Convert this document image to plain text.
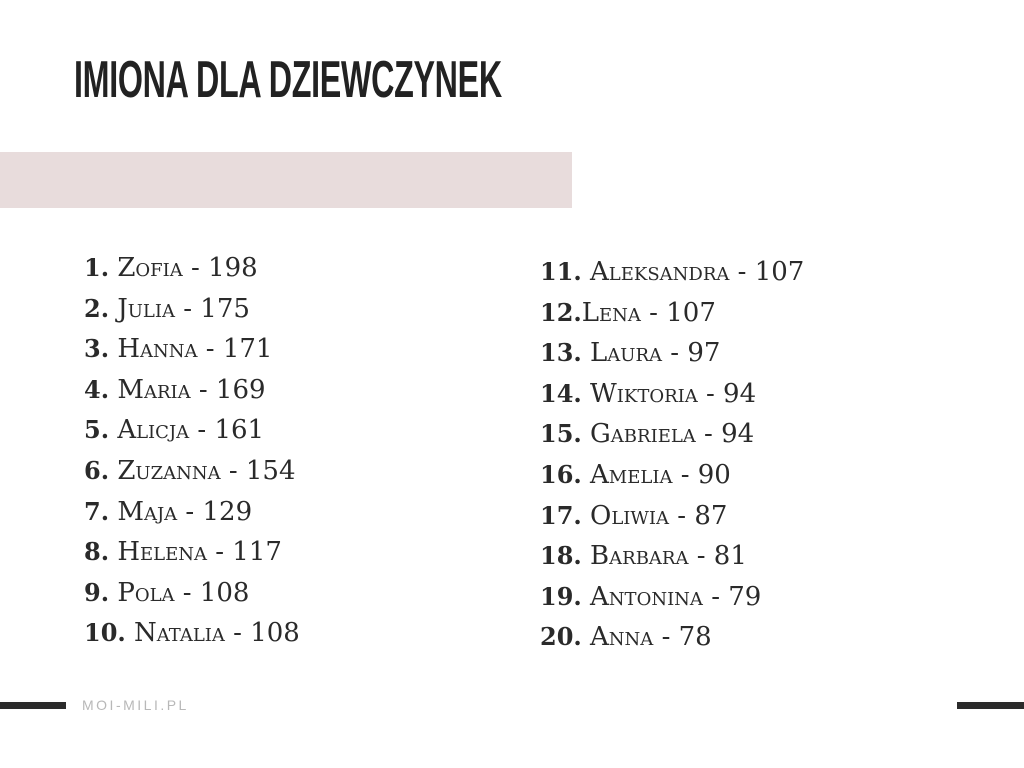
IMIONA DLA DZIEWCZYNEK
1. Zofia - 198
2. Julia - 175
3. Hanna - 171
4. Maria - 169
5. Alicja - 161
6. Zuzanna - 154
7. Maja - 129
8. Helena - 117
9. Pola - 108
10. Natalia - 108
11. Aleksandra - 107
12.Lena - 107
13. Laura - 97
14. Wiktoria - 94
15. Gabriela - 94
16. Amelia - 90
17. Oliwia - 87
18. Barbara - 81
19. Antonina - 79
20. Anna - 78
MOI-MILI.PL
